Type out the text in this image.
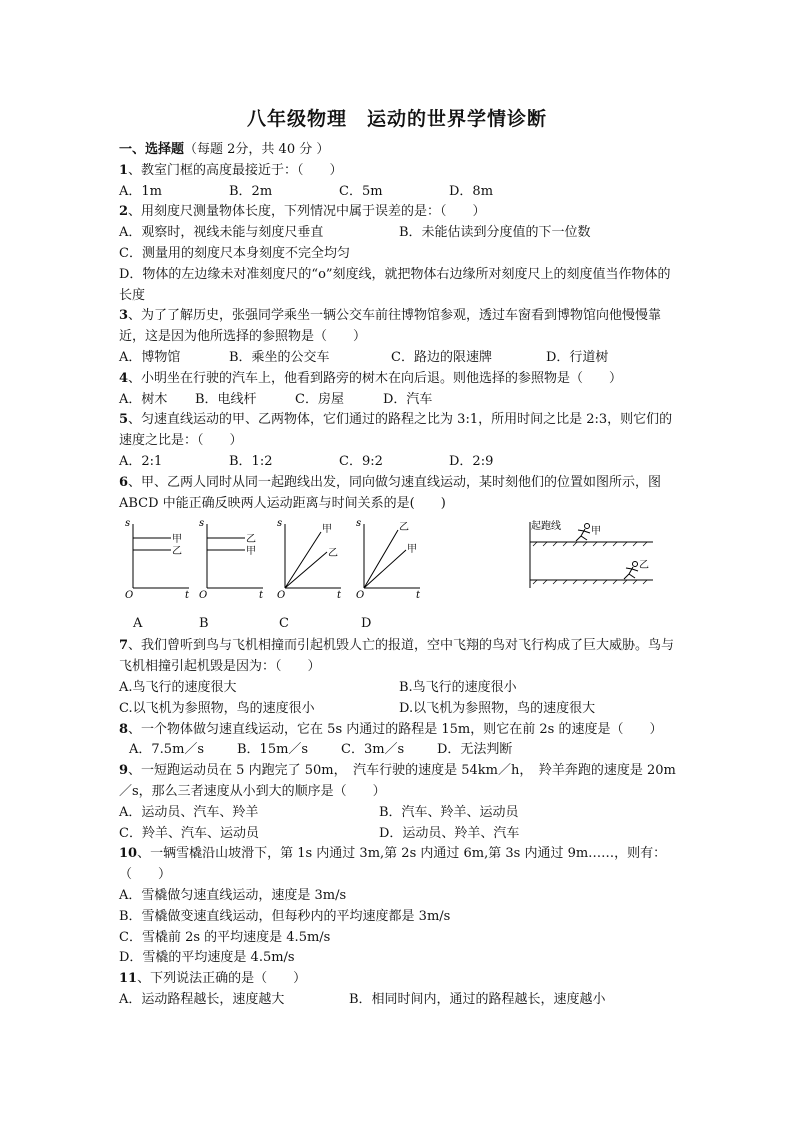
八年级物理　运动的世界学情诊断
一、选择题（每题 2分，共 40 分 ）
1、教室门框的高度最接近于：（　　）
A．1m	B．2m	C．5m	D．8m
2、用刻度尺测量物体长度，下列情况中属于误差的是：（　　）
A．观察时，视线未能与刻度尺垂直	B．未能估读到分度值的下一位数
C．测量用的刻度尺本身刻度不完全均匀
D．物体的左边缘未对准刻度尺的“o”刻度线，就把物体右边缘所对刻度尺上的刻度值当作物体的长度
3、为了了解历史，张强同学乘坐一辆公交车前往博物馆参观，透过车窗看到博物馆向他慢慢靠近，这是因为他所选择的参照物是（　　）
A．博物馆	B．乘坐的公交车	C．路边的限速牌	D．行道树
4、小明坐在行驶的汽车上，他看到路旁的树木在向后退。则他选择的参照物是（　　）
A．树木	B．电线杆	C．房屋	D．汽车
5、匀速直线运动的甲、乙两物体，它们通过的路程之比为 3:1，所用时间之比是 2:3，则它们的速度之比是：（　　）
A．2:1	B．1:2	C．9:2	D．2:9
6、甲、乙两人同时从同一起跑线出发，同向做匀速直线运动，某时刻他们的位置如图所示，图 ABCD 中能正确反映两人运动距离与时间关系的是(　　)
s
t
O
甲
乙
s
t
O
乙
甲
s
t
O
甲
乙
s
t
O
乙
甲
起跑线	甲
乙
A	B	C	D
7、我们曾听到鸟与飞机相撞而引起机毁人亡的报道，空中飞翔的鸟对飞行构成了巨大威胁。鸟与飞机相撞引起机毁是因为：（　　）
A.鸟飞行的速度很大	B.鸟飞行的速度很小
C.以飞机为参照物，鸟的速度很小	D.以飞机为参照物，鸟的速度很大
8、一个物体做匀速直线运动，它在 5s 内通过的路程是 15m，则它在前 2s 的速度是（　　）
A．7.5m／s	B．15m／s	C．3m／s	D．无法判断
9、一短跑运动员在 5 内跑完了 50m，　汽车行驶的速度是 54km／h，　羚羊奔跑的速度是 20m／s，那么三者速度从小到大的顺序是（　　）
A．运动员、汽车、羚羊	B．汽车、羚羊、运动员
C．羚羊、汽车、运动员	D．运动员、羚羊、汽车
10、一辆雪橇沿山坡滑下，第 1s 内通过 3m,第 2s 内通过 6m,第 3s 内通过 9m……，则有：（　　）
A．雪橇做匀速直线运动，速度是 3m/s
B．雪橇做变速直线运动，但每秒内的平均速度都是 3m/s
C．雪橇前 2s 的平均速度是 4.5m/s
D．雪橇的平均速度是 4.5m/s
11、下列说法正确的是（　　）
A．运动路程越长，速度越大	B．相同时间内，通过的路程越长，速度越小
